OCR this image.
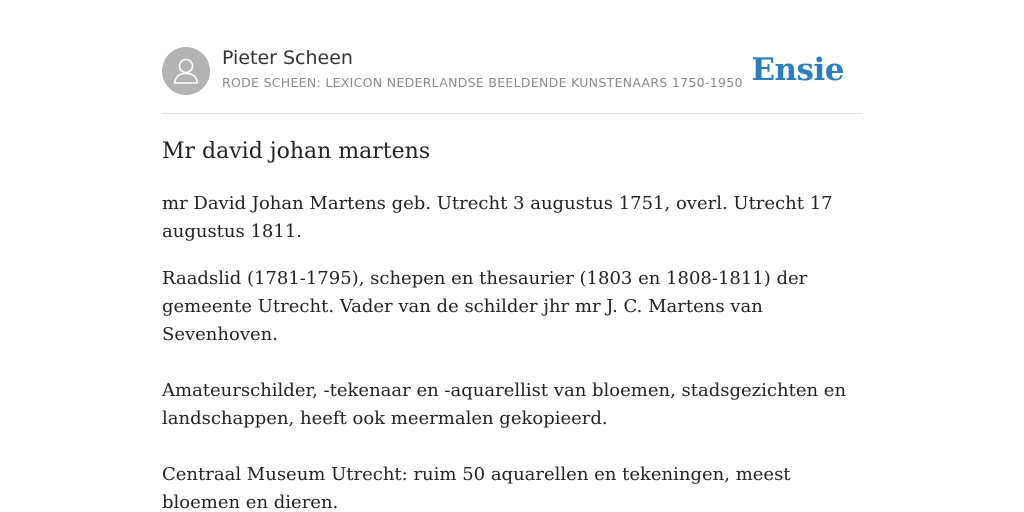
Pieter Scheen
RODE SCHEEN: LEXICON NEDERLANDSE BEELDENDE KUNSTENAARS 1750-1950 Ensie
Mr david johan martens

mr David Johan Martens geb. Utrecht 3 augustus 1751, overl. Utrecht 17 augustus 1811.

Raadslid (1781-1795), schepen en thesaurier (1803 en 1808-1811) der gemeente Utrecht. Vader van de schilder jhr mr J. C. Martens van Sevenhoven.

Amateurschilder, -tekenaar en -aquarellist van bloemen, stadsgezichten en landschappen, heeft ook meermalen gekopieerd.

Centraal Museum Utrecht: ruim 50 aquarellen en tekeningen, meest bloemen en dieren.
